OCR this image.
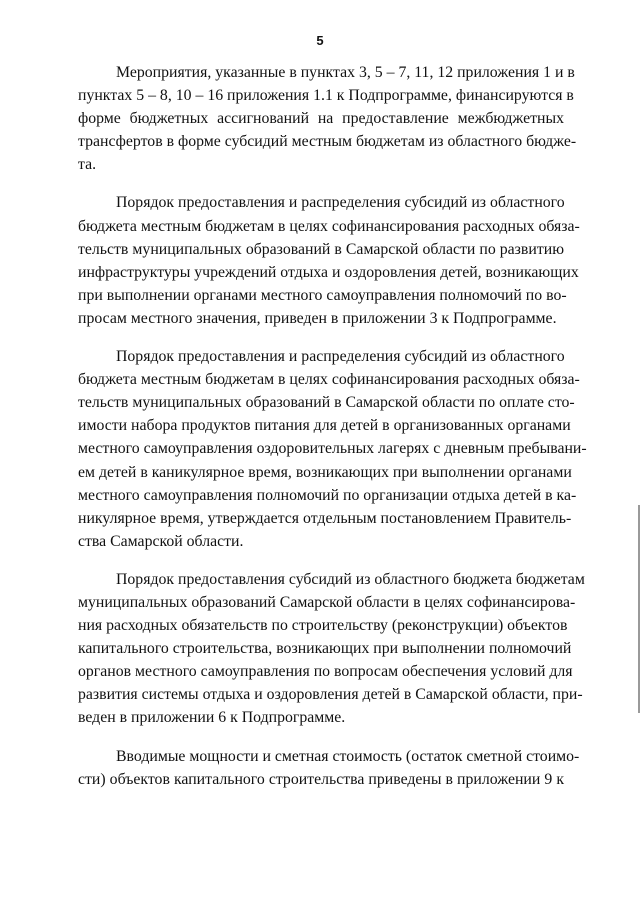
5
Мероприятия, указанные в пунктах 3, 5 – 7, 11, 12 приложения 1 и в
пунктах 5 – 8, 10 – 16 приложения 1.1 к Подпрограмме, финансируются в
форме бюджетных ассигнований на предоставление межбюджетных
трансфертов в форме субсидий местным бюджетам из областного бюдже-
та.
Порядок предоставления и распределения субсидий из областного
бюджета местным бюджетам в целях софинансирования расходных обяза-
тельств муниципальных образований в Самарской области по развитию
инфраструктуры учреждений отдыха и оздоровления детей, возникающих
при выполнении органами местного самоуправления полномочий по во-
просам местного значения, приведен в приложении 3 к Подпрограмме.
Порядок предоставления и распределения субсидий из областного
бюджета местным бюджетам в целях софинансирования расходных обяза-
тельств муниципальных образований в Самарской области по оплате сто-
имости набора продуктов питания для детей в организованных органами
местного самоуправления оздоровительных лагерях с дневным пребывани-
ем детей в каникулярное время, возникающих при выполнении органами
местного самоуправления полномочий по организации отдыха детей в ка-
никулярное время, утверждается отдельным постановлением Правитель-
ства Самарской области.
Порядок предоставления субсидий из областного бюджета бюджетам
муниципальных образований Самарской области в целях софинансирова-
ния расходных обязательств по строительству (реконструкции) объектов
капитального строительства, возникающих при выполнении полномочий
органов местного самоуправления по вопросам обеспечения условий для
развития системы отдыха и оздоровления детей в Самарской области, при-
веден в приложении 6 к Подпрограмме.
Вводимые мощности и сметная стоимость (остаток сметной стоимо-
сти) объектов капитального строительства приведены в приложении 9 к
